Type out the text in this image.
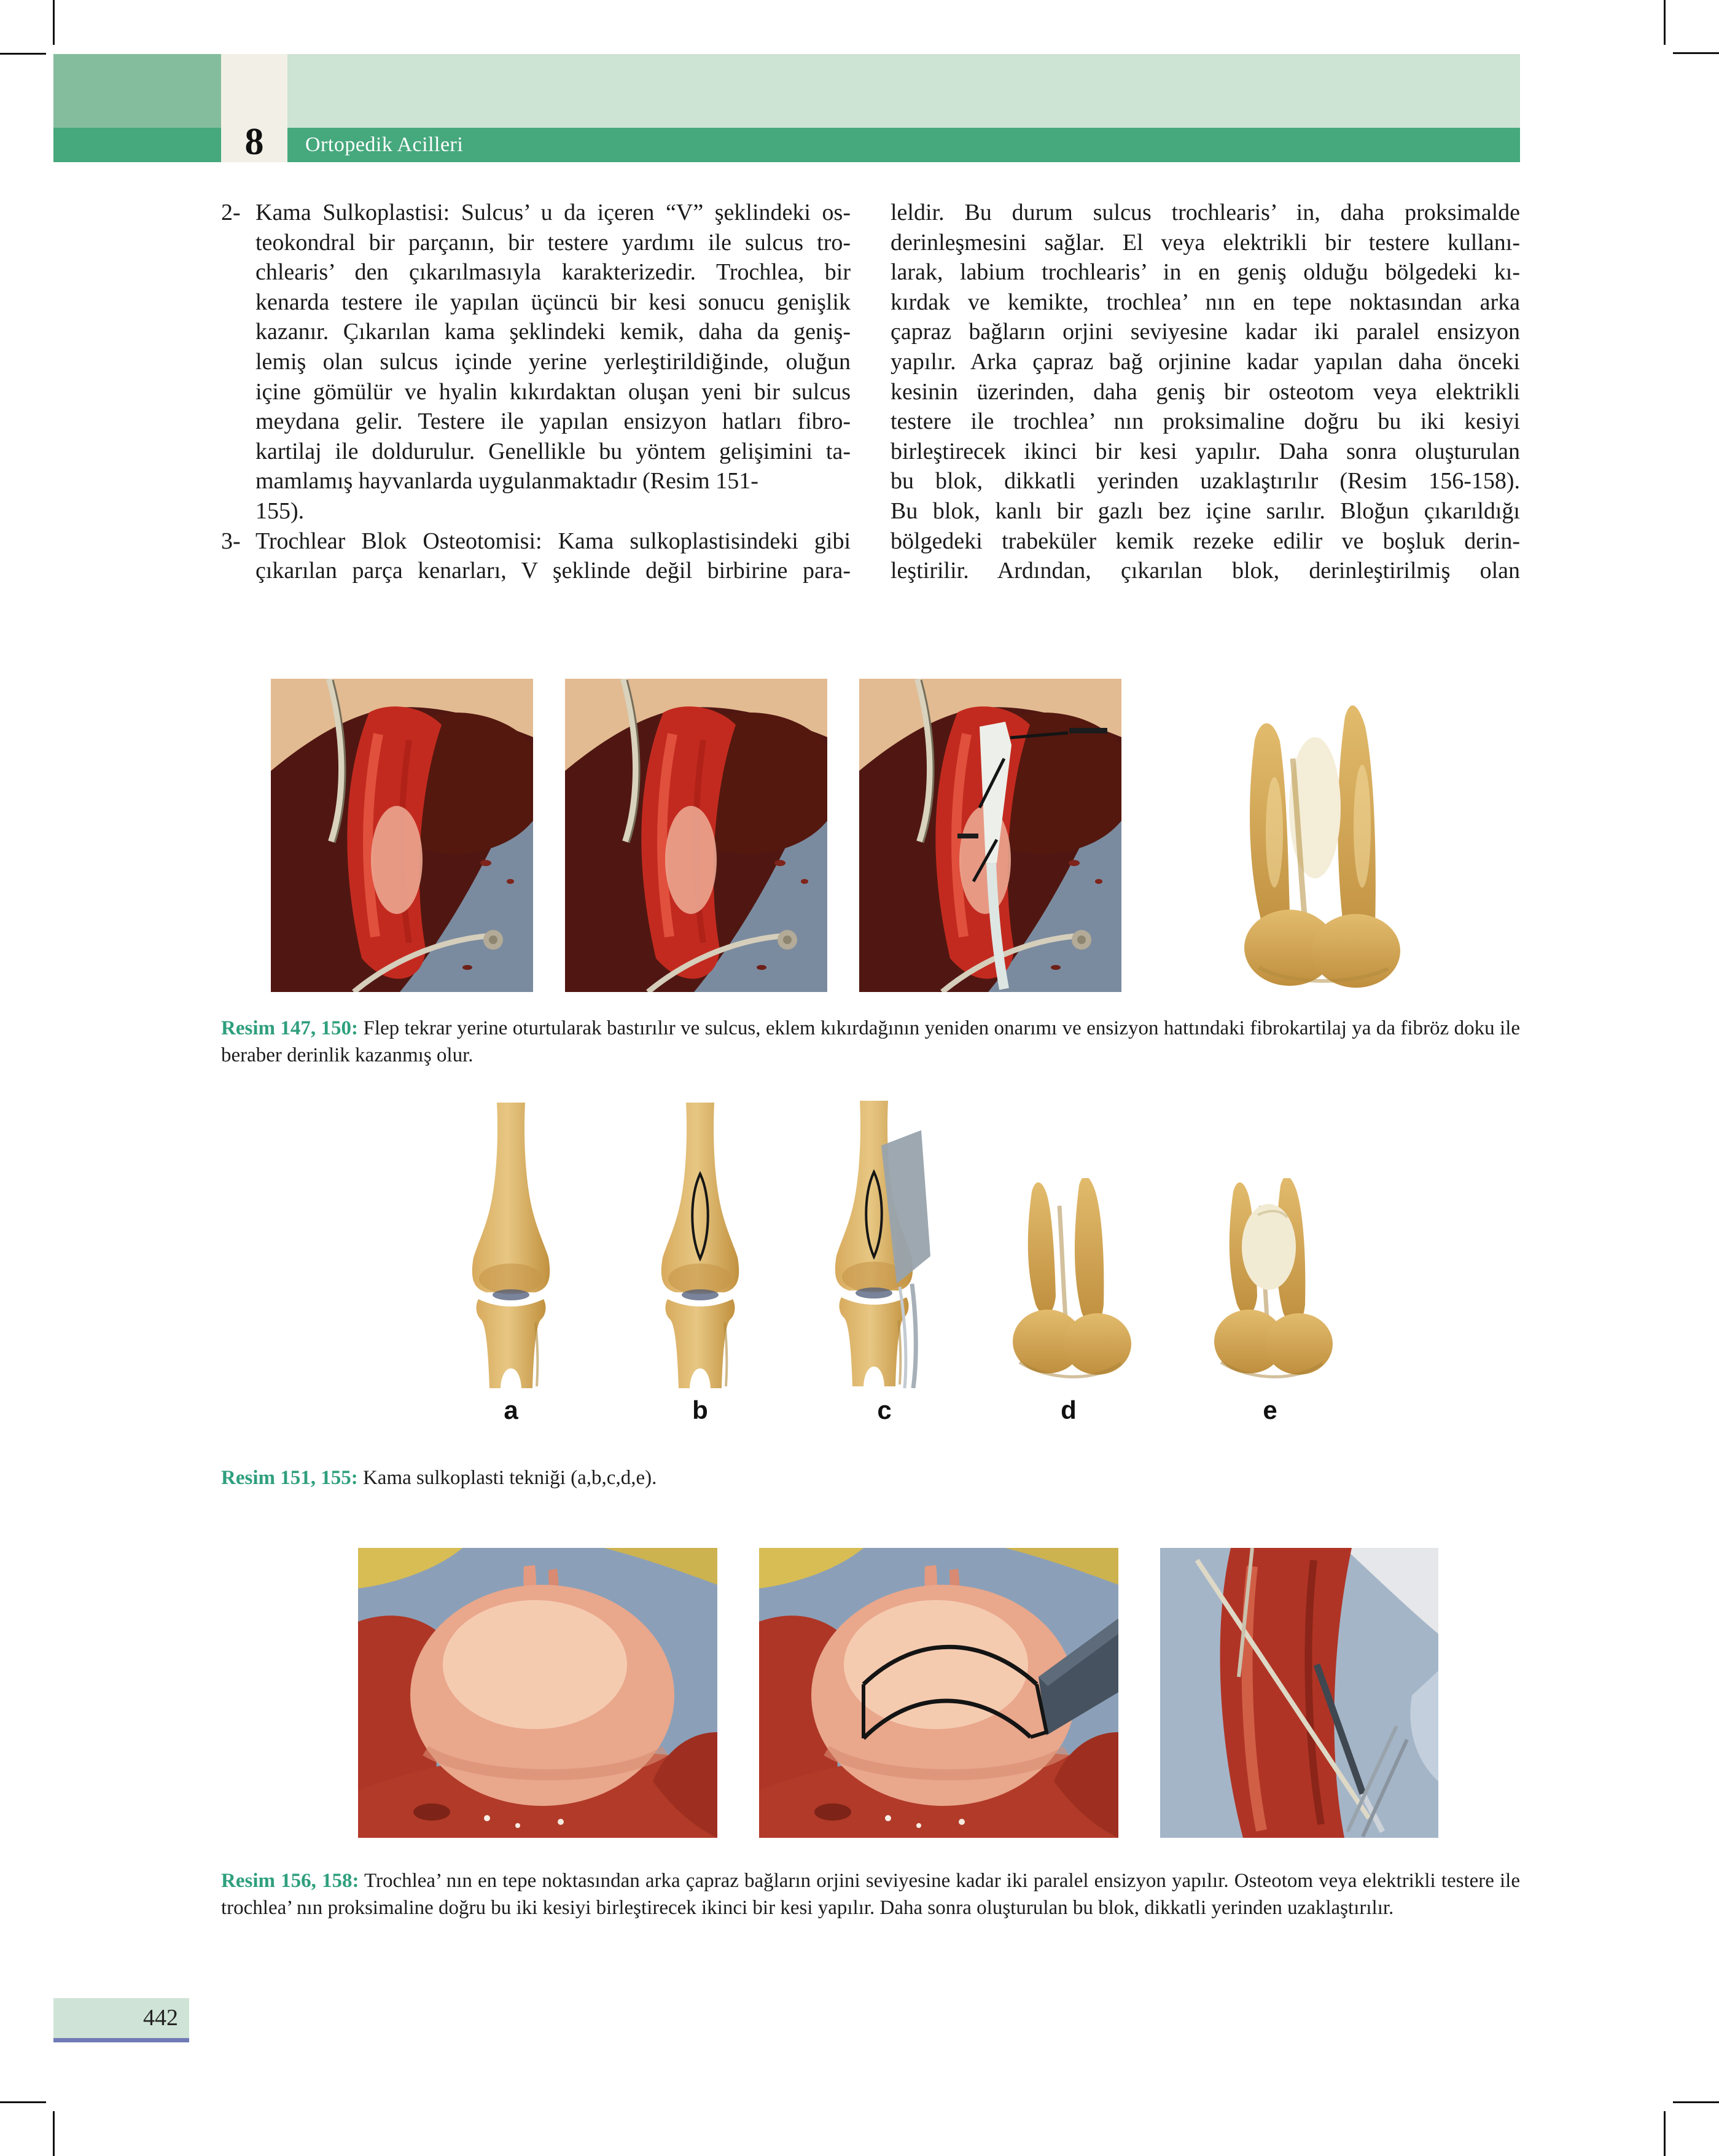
8	Ortopedik Acilleri
2- Kama Sulkoplastisi: Sulcus’ u da içeren “V” şeklindeki os-
teokondral bir parçanın, bir testere yardımı ile sulcus tro-
chlearis’ den çıkarılmasıyla karakterizedir. Trochlea, bir
kenarda testere ile yapılan üçüncü bir kesi sonucu genişlik
kazanır. Çıkarılan kama şeklindeki kemik, daha da geniş-
lemiş olan sulcus içinde yerine yerleştirildiğinde, oluğun
içine gömülür ve hyalin kıkırdaktan oluşan yeni bir sulcus
meydana gelir. Testere ile yapılan ensizyon hatları fibro-
kartilaj ile doldurulur. Genellikle bu yöntem gelişimini ta-
mamlamış hayvanlarda uygulanmaktadır (Resim 151-
155).
3- Trochlear Blok Osteotomisi: Kama sulkoplastisindeki gibi
çıkarılan parça kenarları, V şeklinde değil birbirine para-
leldir. Bu durum sulcus trochlearis’ in, daha proksimalde
derinleşmesini sağlar. El veya elektrikli bir testere kullanı-
larak, labium trochlearis’ in en geniş olduğu bölgedeki kı-
kırdak ve kemikte, trochlea’ nın en tepe noktasından arka
çapraz bağların orjini seviyesine kadar iki paralel ensizyon
yapılır. Arka çapraz bağ orjinine kadar yapılan daha önceki
kesinin üzerinden, daha geniş bir osteotom veya elektrikli
testere ile trochlea’ nın proksimaline doğru bu iki kesiyi
birleştirecek ikinci bir kesi yapılır. Daha sonra oluşturulan
bu blok, dikkatli yerinden uzaklaştırılır (Resim 156-158).
Bu blok, kanlı bir gazlı bez içine sarılır. Bloğun çıkarıldığı
bölgedeki trabeküler kemik rezeke edilir ve boşluk derin-
leştirilir. Ardından, çıkarılan blok, derinleştirilmiş olan
Resim 147, 150: Flep tekrar yerine oturtularak bastırılır ve sulcus, eklem kıkırdağının yeniden onarımı ve ensizyon hattındaki fibrokartilaj ya da fibröz doku ile beraber derinlik kazanmış olur.
a	b	c	d	e
Resim 151, 155: Kama sulkoplasti tekniği (a,b,c,d,e).
Resim 156, 158: Trochlea’ nın en tepe noktasından arka çapraz bağların orjini seviyesine kadar iki paralel ensizyon yapılır. Osteotom veya elektrikli testere ile trochlea’ nın proksimaline doğru bu iki kesiyi birleştirecek ikinci bir kesi yapılır. Daha sonra oluşturulan bu blok, dikkatli yerinden uzaklaştırılır.
442
